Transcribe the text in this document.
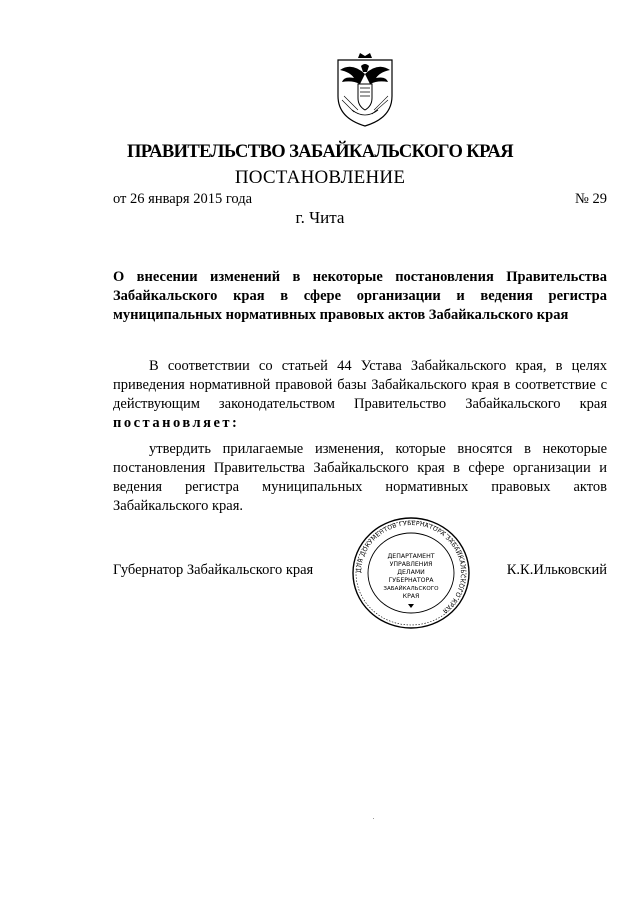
ПРАВИТЕЛЬСТВО ЗАБАЙКАЛЬСКОГО КРАЯ
ПОСТАНОВЛЕНИЕ
от 26 января 2015 года	№ 29
г. Чита
О внесении изменений в некоторые постановления Правительства Забайкальского края в сфере организации и ведения регистра муниципальных нормативных правовых актов Забайкальского края
В соответствии со статьей 44 Устава Забайкальского края, в целях приведения нормативной правовой базы Забайкальского края в соответствие с действующим законодательством Правительство Забайкальского края постановляет:
утвердить прилагаемые изменения, которые вносятся в некоторые постановления Правительства Забайкальского края в сфере организации и ведения регистра муниципальных нормативных правовых актов Забайкальского края.
Губернатор Забайкальского края	К.К.Ильковский
ДЛЯ ДОКУМЕНТОВ ГУБЕРНАТОРА ЗАБАЙКАЛЬСКОГО КРАЯ
ДЕПАРТАМЕНТ
УПРАВЛЕНИЯ
ДЕЛАМИ
ГУБЕРНАТОРА
ЗАБАЙКАЛЬСКОГО
КРАЯ
